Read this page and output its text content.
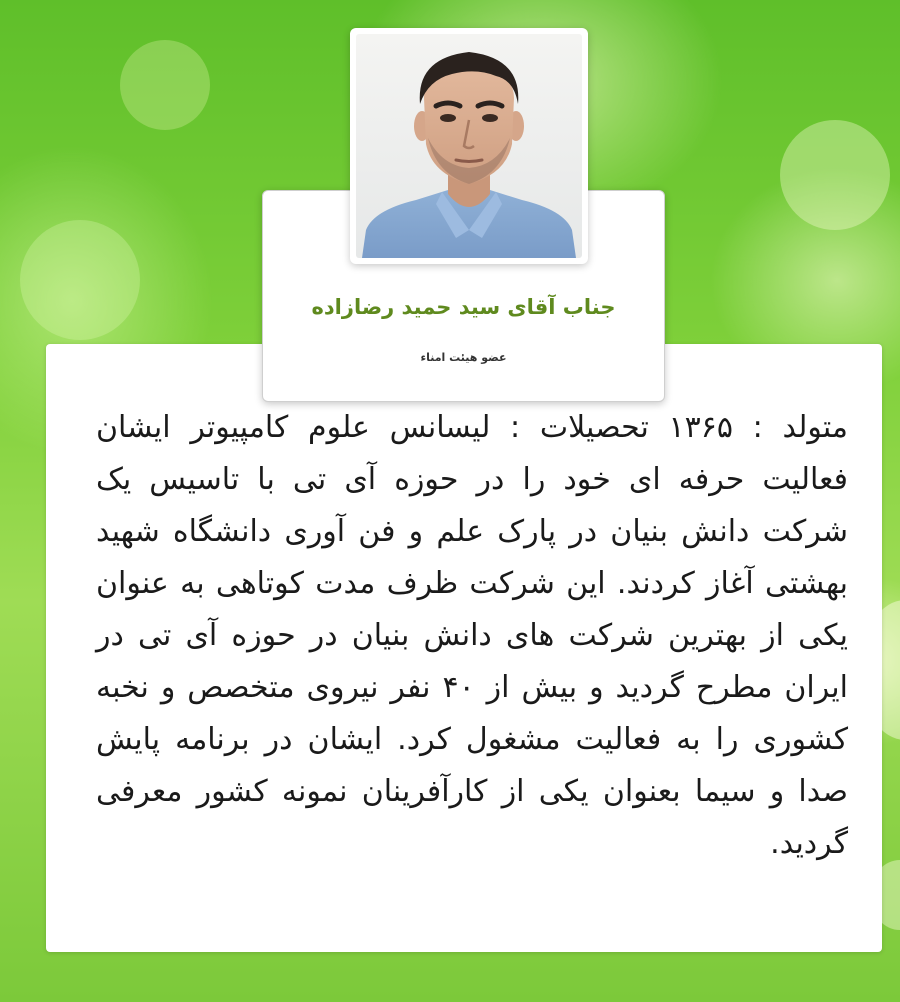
متولد : ۱۳۶۵ تحصیلات : لیسانس علوم کامپیوتر ایشان فعالیت حرفه ای خود را در حوزه آی تی با تاسیس یک شرکت دانش بنیان در پارک علم و فن آوری دانشگاه شهید بهشتی آغاز کردند. این شرکت ظرف مدت کوتاهی به عنوان یکی از بهترین شرکت های دانش بنیان در حوزه آی تی در ایران مطرح گردید و بیش از ۴۰ نفر نیروی متخصص و نخبه کشوری را به فعالیت مشغول کرد. ایشان در برنامه پایش صدا و سیما بعنوان یکی از کارآفرینان نمونه کشور معرفی گردید.

جناب آقای سید حمید رضازاده
عضو هیئت امناء
